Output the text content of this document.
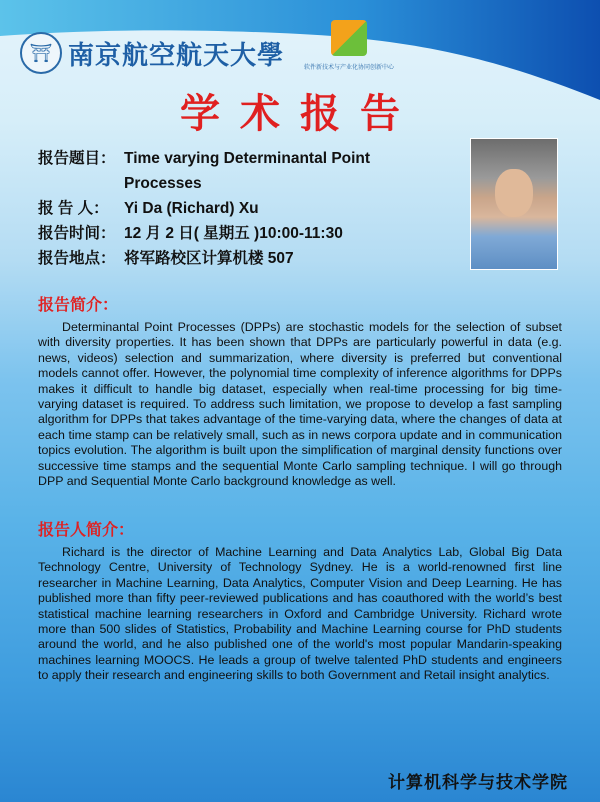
⛩ 南京航空航天大學	软件新技术与产业化协同创新中心
学术报告
报告题目： Time varying Determinantal Point Processes
报 告 人： Yi Da (Richard) Xu
报告时间： 12 月 2 日( 星期五 )10:00-11:30
报告地点： 将军路校区计算机楼 507
报告简介：
Determinantal Point Processes (DPPs) are stochastic models for the selection of subset with diversity properties. It has been shown that DPPs are particularly powerful in data (e.g. news, videos) selection and summarization, where diversity is preferred but conventional models cannot offer. However, the polynomial time complexity of inference algorithms for DPPs makes it difficult to handle big dataset, especially when real-time processing for big time-varying dataset is required. To address such limitation, we propose to develop a fast sampling algorithm for DPPs that takes advantage of the time-varying data, where the changes of data at each time stamp can be relatively small, such as in news corpora update and in communication topics evolution. The algorithm is built upon the simplification of marginal density functions over successive time stamps and the sequential Monte Carlo sampling technique. I will go through DPP and Sequential Monte Carlo background knowledge as well.
报告人简介：
Richard is the director of Machine Learning and Data Analytics Lab, Global Big Data Technology Centre, University of Technology Sydney. He is a world-renowned first line researcher in Machine Learning, Data Analytics, Computer Vision and Deep Learning. He has published more than fifty peer-reviewed publications and has coauthored with the world’s best statistical machine learning researchers in Oxford and Cambridge University. Richard wrote more than 500 slides of Statistics, Probability and Machine Learning course for PhD students around the world, and he also published one of the world's most popular Mandarin-speaking machines learning MOOCS. He leads a group of twelve talented PhD students and engineers to apply their research and engineering skills to both Government and Retail insight analytics.
计算机科学与技术学院
